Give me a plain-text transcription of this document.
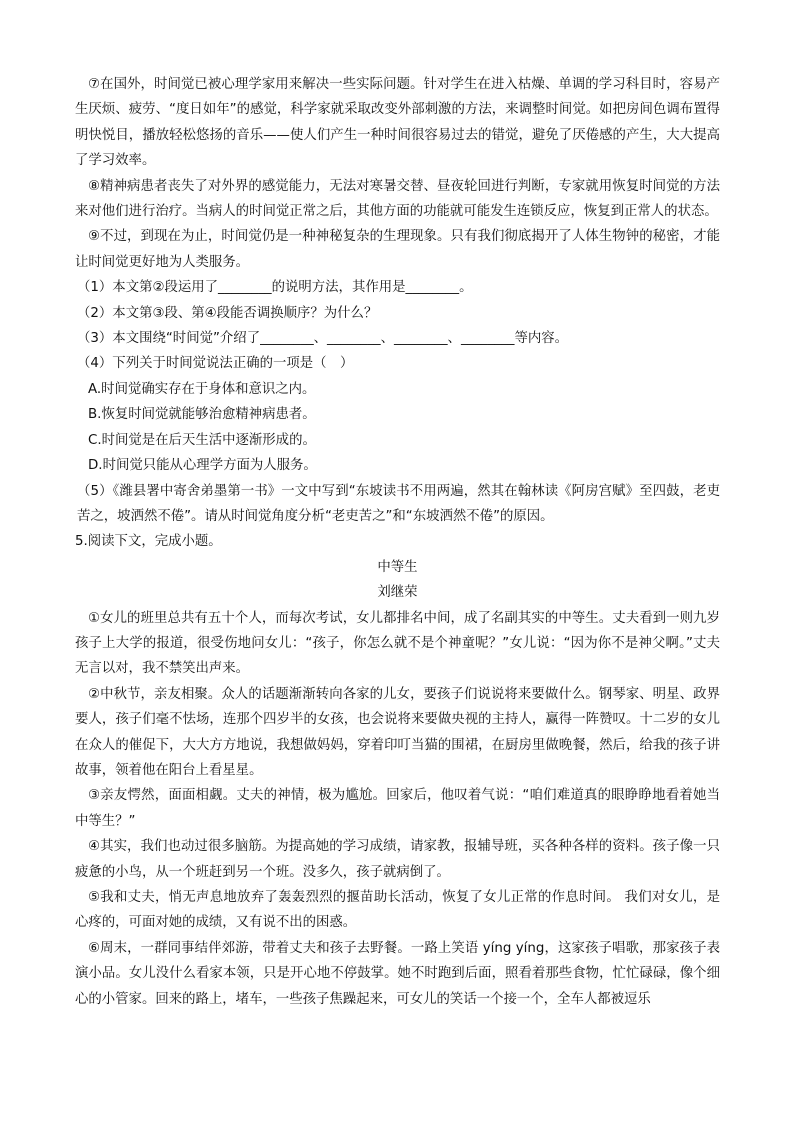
⑦在国外，时间觉已被心理学家用来解决一些实际问题。针对学生在进入枯燥、单调的学习科目时，容易产生厌烦、疲劳、“度日如年”的感觉，科学家就采取改变外部刺激的方法，来调整时间觉。如把房间色调布置得明快悦目，播放轻松悠扬的音乐——使人们产生一种时间很容易过去的错觉，避免了厌倦感的产生，大大提高了学习效率。

⑧精神病患者丧失了对外界的感觉能力，无法对寒暑交替、昼夜轮回进行判断，专家就用恢复时间觉的方法来对他们进行治疗。当病人的时间觉正常之后，其他方面的功能就可能发生连锁反应，恢复到正常人的状态。

⑨不过，到现在为止，时间觉仍是一种神秘复杂的生理现象。只有我们彻底揭开了人体生物钟的秘密，才能让时间觉更好地为人类服务。

（1）本文第②段运用了________的说明方法，其作用是________。

（2）本文第③段、第④段能否调换顺序？为什么？

（3）本文围绕“时间觉”介绍了________、________、________、________等内容。

（4）下列关于时间觉说法正确的一项是（　）

A.时间觉确实存在于身体和意识之内。

B.恢复时间觉就能够治愈精神病患者。

C.时间觉是在后天生活中逐渐形成的。

D.时间觉只能从心理学方面为人服务。

（5）《潍县署中寄舍弟墨第一书》一文中写到“东坡读书不用两遍，然其在翰林读《阿房宫赋》至四鼓，老吏苦之，坡洒然不倦”。请从时间觉角度分析“老吏苦之”和“东坡洒然不倦”的原因。

5.阅读下文，完成小题。

中等生

刘继荣

①女儿的班里总共有五十个人，而每次考试，女儿都排名中间，成了名副其实的中等生。丈夫看到一则九岁孩子上大学的报道，很受伤地问女儿：“孩子，你怎么就不是个神童呢？”女儿说：“因为你不是神父啊。”丈夫无言以对，我不禁笑出声来。

②中秋节，亲友相聚。众人的话题渐渐转向各家的儿女，要孩子们说说将来要做什么。钢琴家、明星、政界要人，孩子们毫不怯场，连那个四岁半的女孩，也会说将来要做央视的主持人，赢得一阵赞叹。十二岁的女儿在众人的催促下，大大方方地说，我想做妈妈，穿着印叮当猫的围裙，在厨房里做晚餐，然后，给我的孩子讲故事，领着他在阳台上看星星。

③亲友愕然，面面相觑。丈夫的神情，极为尴尬。回家后，他叹着气说：“咱们难道真的眼睁睁地看着她当中等生？”

④其实，我们也动过很多脑筋。为提高她的学习成绩，请家教，报辅导班，买各种各样的资料。孩子像一只疲惫的小鸟，从一个班赶到另一个班。没多久，孩子就病倒了。

⑤我和丈夫，悄无声息地放弃了轰轰烈烈的揠苗助长活动，恢复了女儿正常的作息时间。 我们对女儿，是心疼的，可面对她的成绩，又有说不出的困惑。

⑥周末，一群同事结伴郊游，带着丈夫和孩子去野餐。一路上笑语 yíng yíng，这家孩子唱歌，那家孩子表演小品。女儿没什么看家本领，只是开心地不停鼓掌。她不时跑到后面，照看着那些食物，忙忙碌碌，像个细心的小管家。回来的路上，堵车，一些孩子焦躁起来，可女儿的笑话一个接一个，全车人都被逗乐
